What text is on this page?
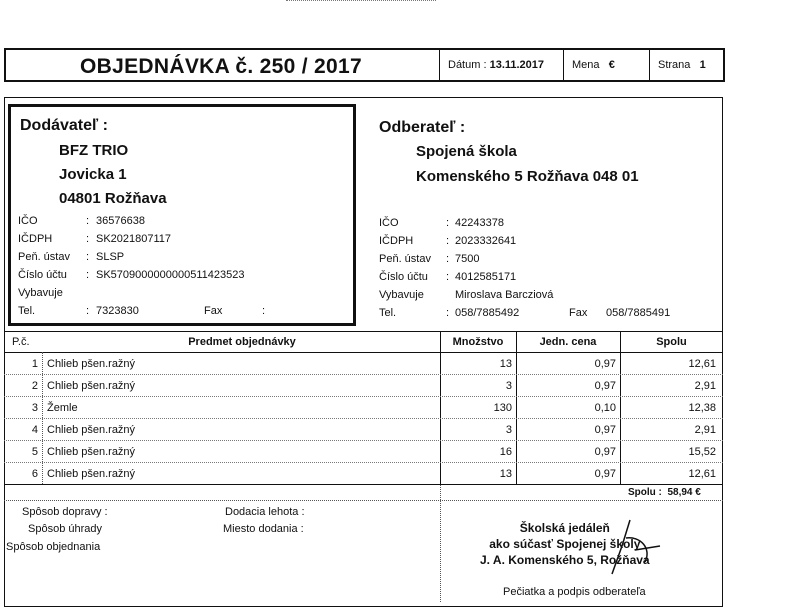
OBJEDNÁVKA č. 250 / 2017	Dátum : 13.11.2017	Mena €	Strana 1
Dodávateľ :
BFZ TRIO
Jovicka 1
04801 Rožňava
IČO	: 36576638
IČDPH	: SK2021807117
Peň. ústav : SLSP
Číslo účtu : SK5709000000000511423523
Vybavuje
Tel.	: 7323830	Fax	:
Odberateľ :
Spojená škola
Komenského 5 Rožňava 048 01
IČO	: 42243378
IČDPH	: 2023332641
Peň. ústav : 7500
Číslo účtu : 4012585171
Vybavuje	Miroslava Barcziová
Tel.	: 058/7885492	Fax 058/7885491
P.č.	Predmet objednávky	Množstvo	Jedn. cena	Spolu
1 Chlieb pšen.ražný	13	0,97	12,61
2 Chlieb pšen.ražný	3	0,97	2,91
3 Žemle	130	0,10	12,38
4 Chlieb pšen.ražný	3	0,97	2,91
5 Chlieb pšen.ražný	16	0,97	15,52
6 Chlieb pšen.ražný	13	0,97	12,61
Spolu : 58,94 €
Spôsob dopravy :
Spôsob úhrady
Spôsob objednania
Dodacia lehota :
Miesto dodania :	Školská jedáleň
ako súčasť Spojenej školy
J. A. Komenského 5, Rožňava
Pečiatka a podpis odberateľa
